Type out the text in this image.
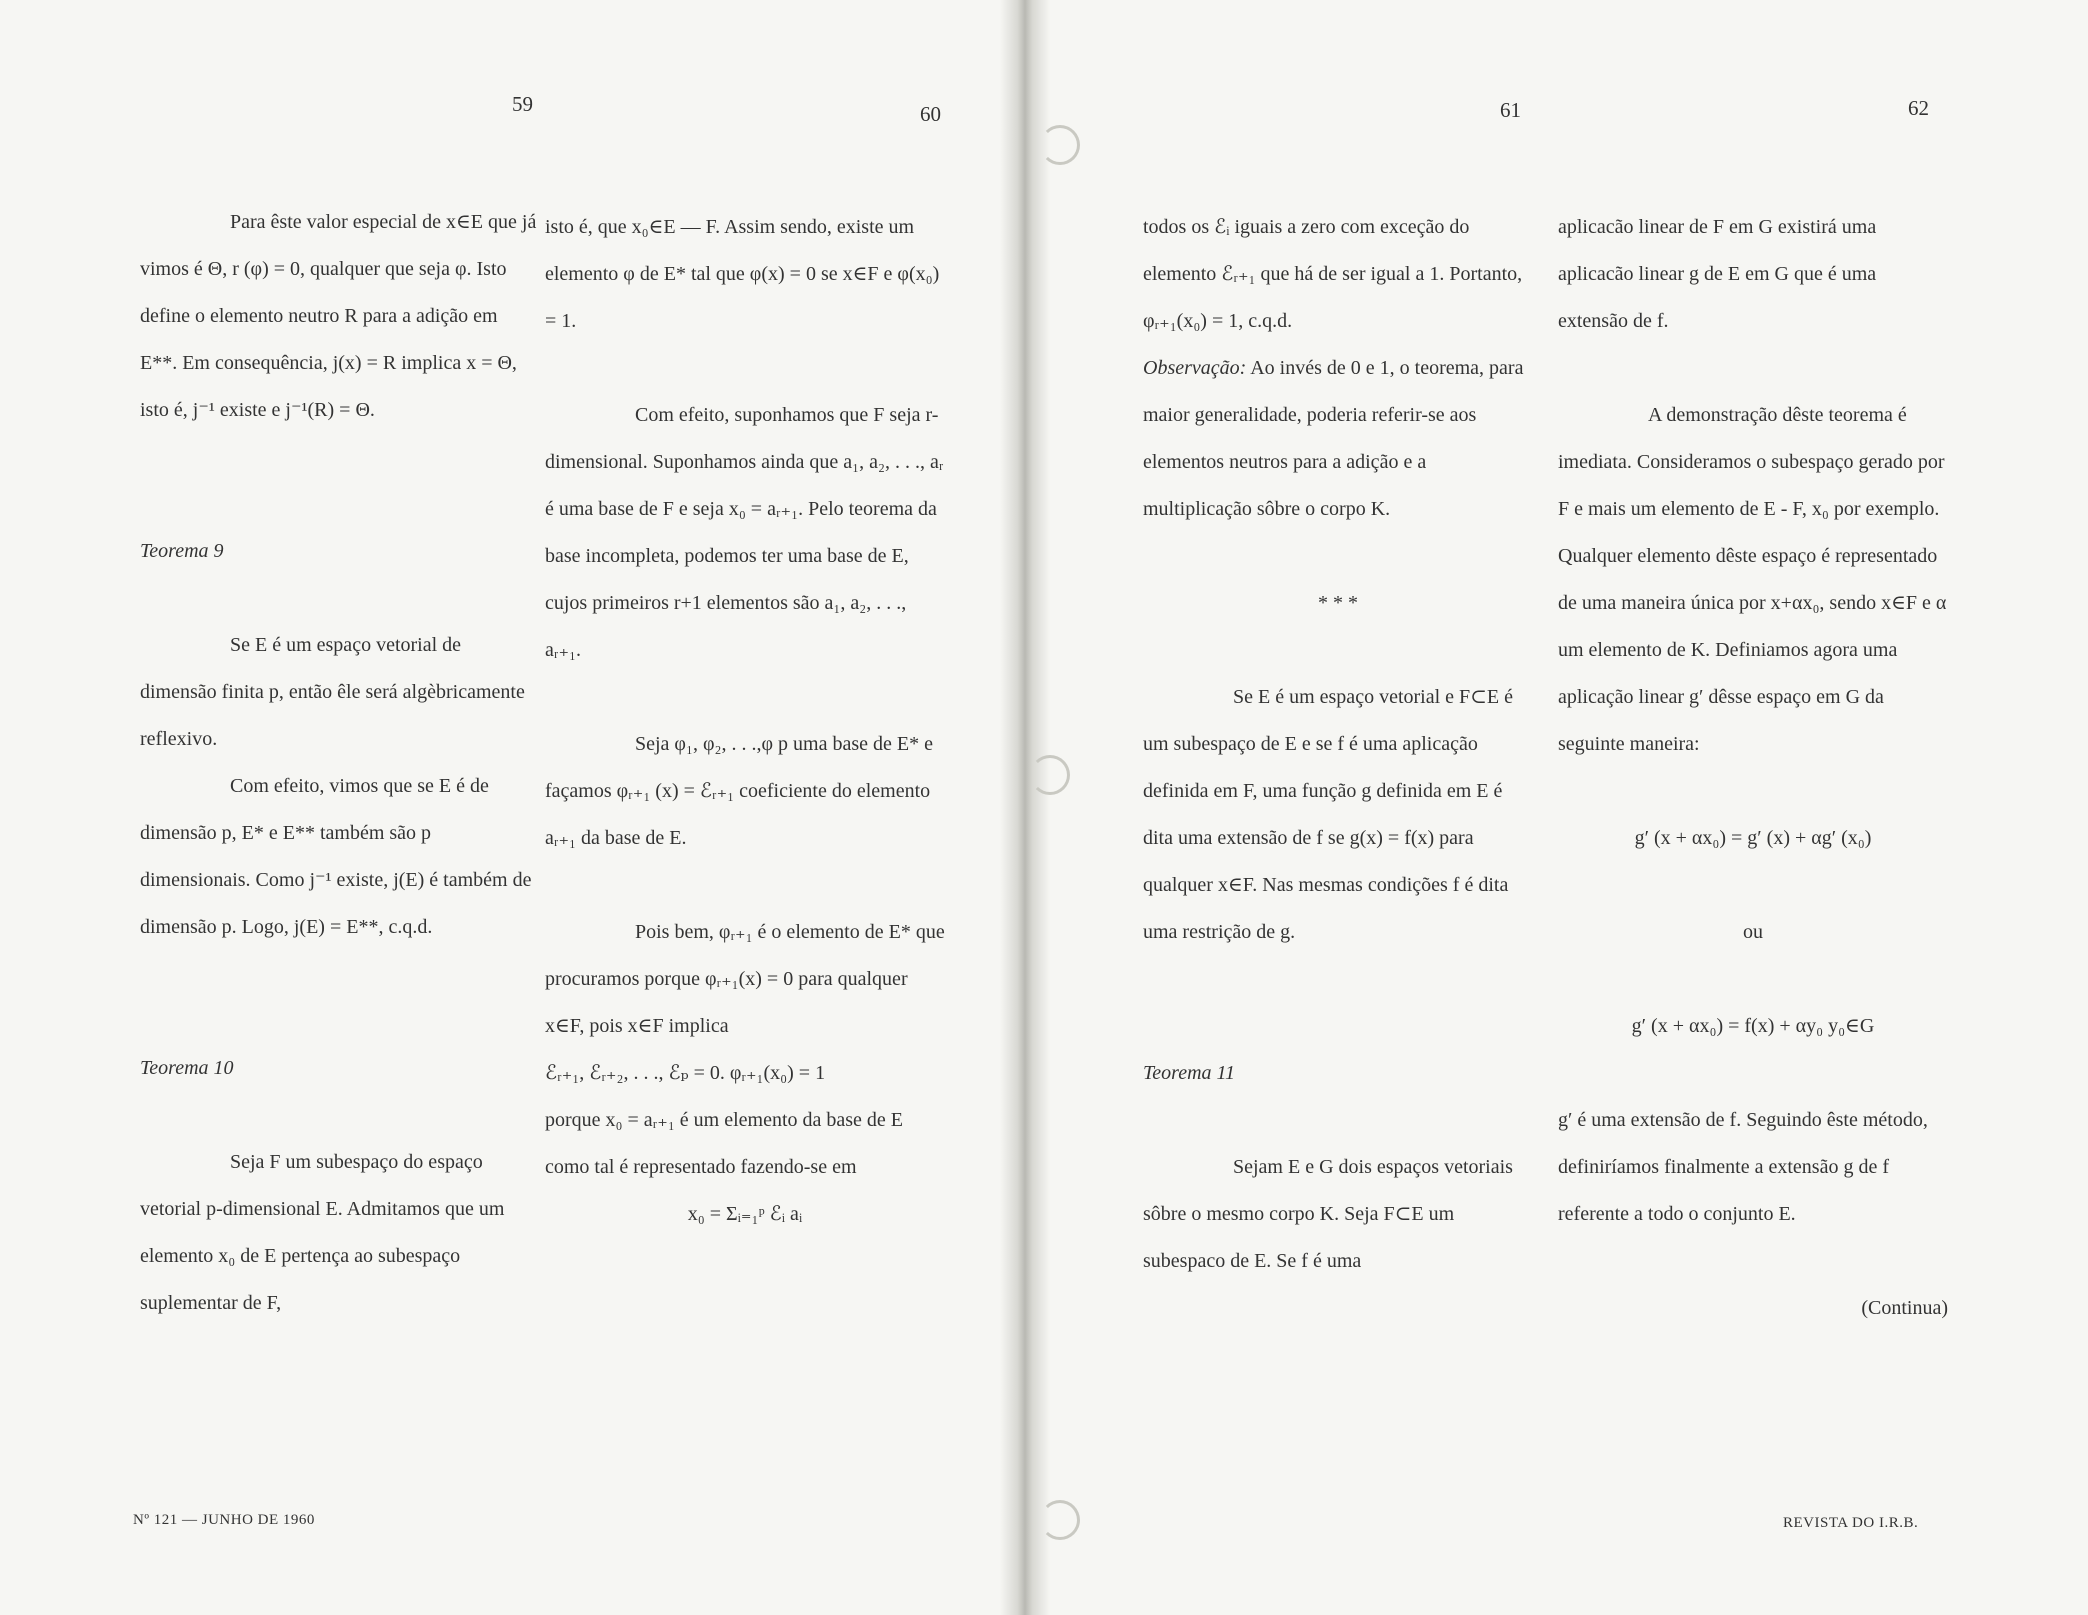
59	60	61	62

Para êste valor especial de x∈E que já vimos é Θ, r (φ) = 0, qualquer que seja φ. Isto define o elemento neutro R para a adição em E**. Em consequência, j(x) = R implica x = Θ, isto é, j⁻¹ existe e j⁻¹(R) = Θ.

Teorema 9

Se E é um espaço vetorial de dimensão finita p, então êle será algèbricamente reflexivo.

Com efeito, vimos que se E é de dimensão p, E* e E** também são p dimensionais. Como j⁻¹ existe, j(E) é também de dimensão p. Logo, j(E) = E**, c.q.d.

Teorema 10

Seja F um subespaço do espaço vetorial p-dimensional E. Admitamos que um elemento x₀ de E pertença ao subespaço suplementar de F,

isto é, que x₀∈E — F. Assim sendo, existe um elemento φ de E* tal que φ(x) = 0 se x∈F e φ(x₀) = 1.

Com efeito, suponhamos que F seja r-dimensional. Suponhamos ainda que a₁, a₂, . . ., aᵣ é uma base de F e seja x₀ = aᵣ₊₁. Pelo teorema da base incompleta, podemos ter uma base de E, cujos primeiros r+1 elementos são a₁, a₂, . . ., aᵣ₊₁.

Seja φ₁, φ₂, . . .,φ p uma base de E* e façamos φᵣ₊₁ (x) = ℰᵣ₊₁ coeficiente do elemento aᵣ₊₁ da base de E.

Pois bem, φᵣ₊₁ é o elemento de E* que procuramos porque φᵣ₊₁(x) = 0 para qualquer x∈F, pois x∈F implica

ℰᵣ₊₁, ℰᵣ₊₂, . . ., ℰₚ = 0. φᵣ₊₁(x₀) = 1

porque x₀ = aᵣ₊₁ é um elemento da base de E como tal é representado fazendo-se em

x₀ = Σᵢ₌₁ᵖ ℰᵢ aᵢ

todos os ℰᵢ iguais a zero com exceção do elemento ℰᵣ₊₁ que há de ser igual a 1. Portanto, φᵣ₊₁(x₀) = 1, c.q.d.

Observação: Ao invés de 0 e 1, o teorema, para maior generalidade, poderia referir-se aos elementos neutros para a adição e a multiplicação sôbre o corpo K.

* * *

Se E é um espaço vetorial e F⊂E é um subespaço de E e se f é uma aplicação definida em F, uma função g definida em E é dita uma extensão de f se g(x) = f(x) para qualquer x∈F. Nas mesmas condições f é dita uma restrição de g.

Teorema 11

Sejam E e G dois espaços vetoriais sôbre o mesmo corpo K. Seja F⊂E um subespaco de E. Se f é uma

aplicacão linear de F em G existirá uma aplicacão linear g de E em G que é uma extensão de f.

A demonstração dêste teorema é imediata. Consideramos o subespaço gerado por F e mais um elemento de E - F, x₀ por exemplo. Qualquer elemento dêste espaço é representado de uma maneira única por x+αx₀, sendo x∈F e α um elemento de K. Definiamos agora uma aplicação linear g′ dêsse espaço em G da seguinte maneira:

g′ (x + αx₀) = g′ (x) + αg′ (x₀)

ou

g′ (x + αx₀) = f(x) + αy₀ y₀∈G

g′ é uma extensão de f. Seguindo êste método, definiríamos finalmente a extensão g de f referente a todo o conjunto E.

(Continua)

Nº 121 — JUNHO DE 1960	REVISTA DO I.R.B.
